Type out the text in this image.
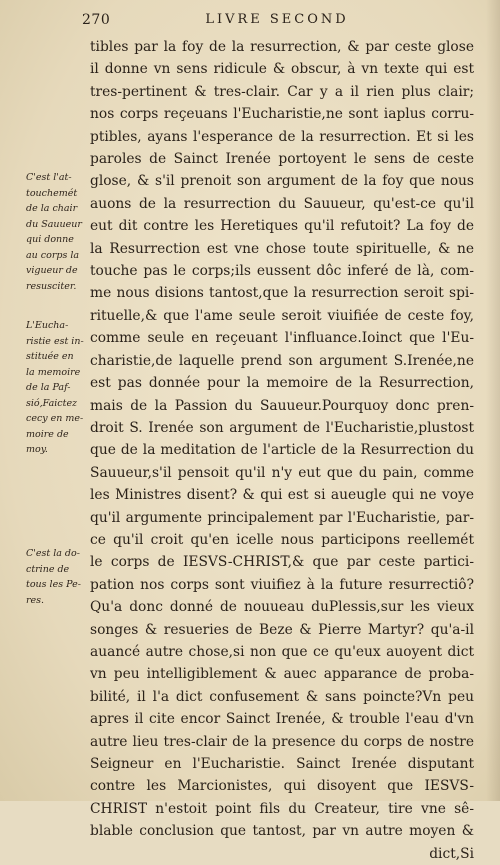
270	LIVRE SECOND
tibles par la foy de la resurrection, & par ceste glose
il donne vn sens ridicule & obscur, à vn texte qui est
tres-pertinent & tres-clair. Car y a il rien plus clair;
nos corps reçeuans l'Eucharistie,ne sont iaplus corru-
ptibles, ayans l'esperance de la resurrection. Et si les
paroles de Sainct Irenée portoyent le sens de ceste
glose, & s'il prenoit son argument de la foy que nous
auons de la resurrection du Sauueur, qu'est-ce qu'il
eut dit contre les Heretiques qu'il refutoit? La foy de
la Resurrection est vne chose toute spirituelle, & ne
touche pas le corps;ils eussent dôc inferé de là, com-
me nous disions tantost,que la resurrection seroit spi-
rituelle,& que l'ame seule seroit viuifiée de ceste foy,
comme seule en reçeuant l'influance.Ioinct que l'Eu-
charistie,de laquelle prend son argument S.Irenée,ne
est pas donnée pour la memoire de la Resurrection,
mais de la Passion du Sauueur.Pourquoy donc pren-
droit S. Irenée son argument de l'Eucharistie,plustost
que de la meditation de l'article de la Resurrection du
Sauueur,s'il pensoit qu'il n'y eut que du pain, comme
les Ministres disent? & qui est si aueugle qui ne voye
qu'il argumente principalement par l'Eucharistie, par-
ce qu'il croit qu'en icelle nous participons reellemét
le corps de IESVS-CHRIST,& que par ceste partici-
pation nos corps sont viuifiez à la future resurrectiô?
Qu'a donc donné de nouueau duPlessis,sur les vieux
songes & resueries de Beze & Pierre Martyr? qu'a-il
auancé autre chose,si non que ce qu'eux auoyent dict
vn peu intelligiblement & auec apparance de proba-
bilité, il l'a dict confusement & sans poincte?Vn peu
apres il cite encor Sainct Irenée, & trouble l'eau d'vn
autre lieu tres-clair de la presence du corps de nostre
Seigneur en l'Eucharistie. Sainct Irenée disputant
contre les Marcionistes, qui disoyent que IESVS-
CHRIST n'estoit point fils du Createur, tire vne sê-
blable conclusion que tantost, par vn autre moyen &
dict,Si
C'est l'at-
touchemét
de la chair
du Sauueur
qui donne
au corps la
vigueur de
resusciter.
L'Eucha-
ristie est in-
stituée en
la memoire
de la Paf-
sió,Faictez
cecy en me-
moire de
moy.
C'est la do-
ctrine de
tous les Pe-
res.
